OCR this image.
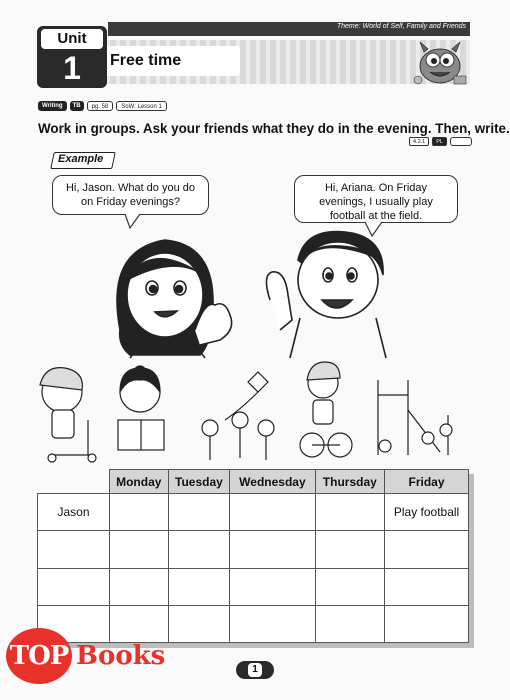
Theme: World of Self, Family and Friends
Unit
1	Free time
Writing	TB	pg. 58	SoW: Lesson 1
Work in groups. Ask your friends what they do in the evening. Then, write.
4.2.1	PL
Example
Hi, Jason. What do you do on Friday evenings?
Hi, Ariana. On Friday evenings, I usually play football at the field.
	Monday	Tuesday	Wednesday	Thursday	Friday
Jason					Play football

1
TOP Books
